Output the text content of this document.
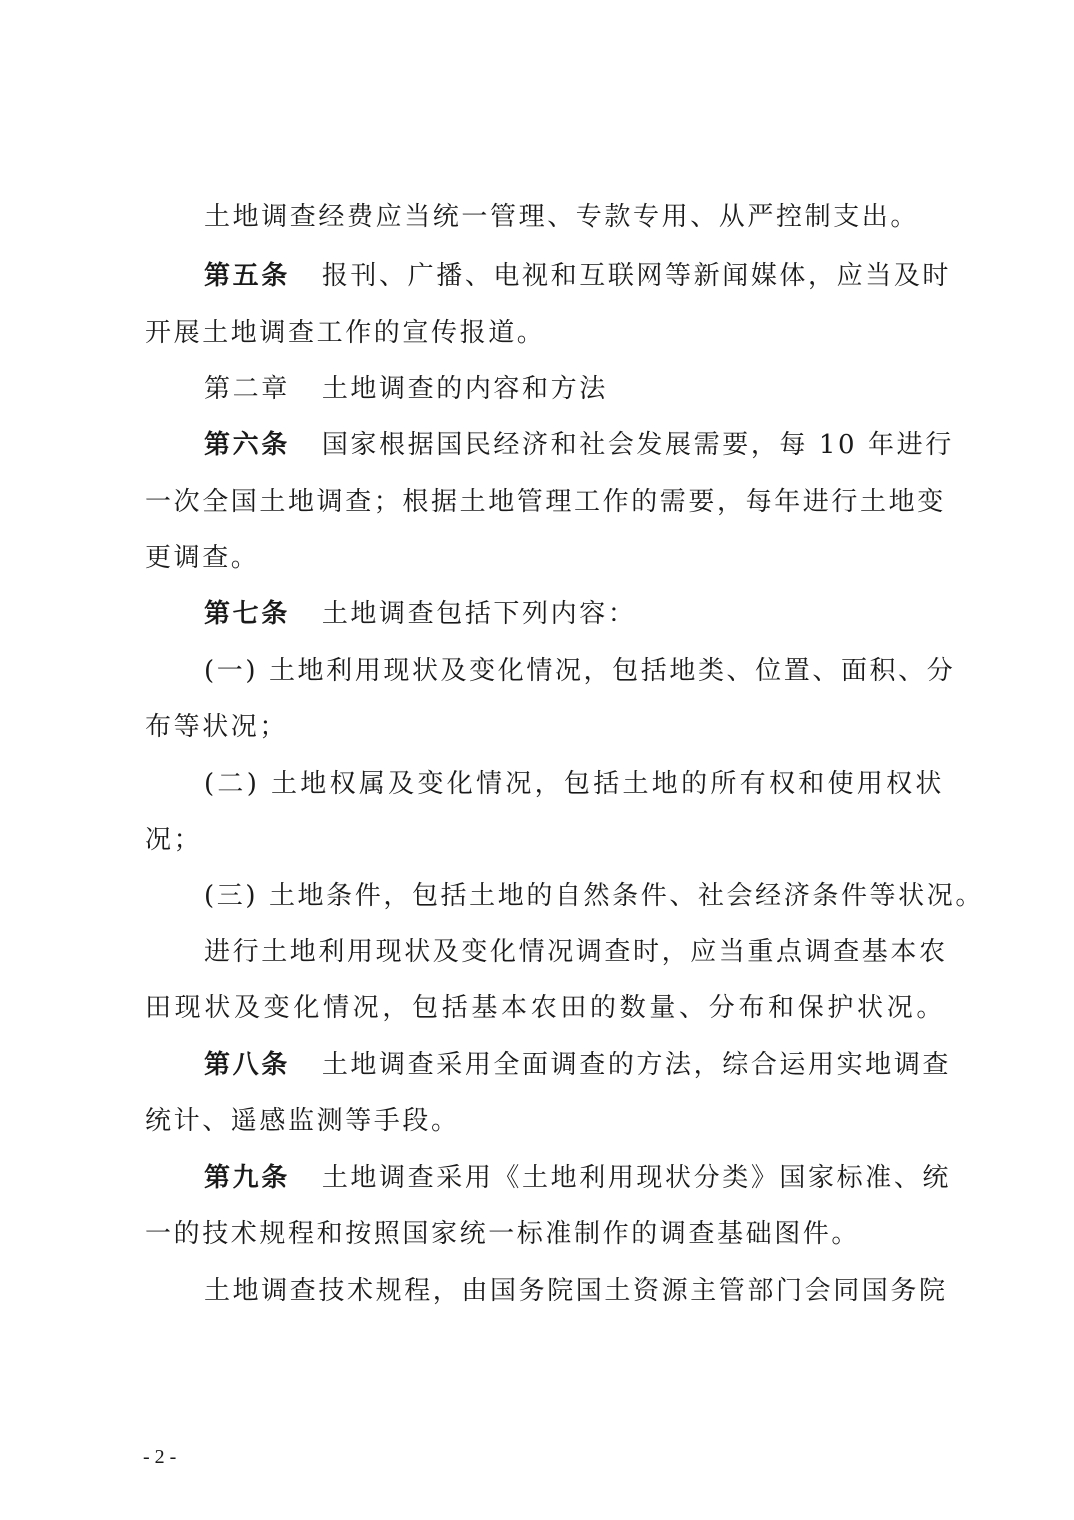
土地调查经费应当统一管理、专款专用、从严控制支出。
第五条 报刊、广播、电视和互联网等新闻媒体，应当及时
开展土地调查工作的宣传报道。
第二章 土地调查的内容和方法
第六条 国家根据国民经济和社会发展需要，每 10 年进行
一次全国土地调查；根据土地管理工作的需要，每年进行土地变
更调查。
第七条 土地调查包括下列内容：
(一) 土地利用现状及变化情况，包括地类、位置、面积、分
布等状况；
(二) 土地权属及变化情况，包括土地的所有权和使用权状
况；
(三) 土地条件，包括土地的自然条件、社会经济条件等状况。
进行土地利用现状及变化情况调查时，应当重点调查基本农
田现状及变化情况，包括基本农田的数量、分布和保护状况。
第八条 土地调查采用全面调查的方法，综合运用实地调查
统计、遥感监测等手段。
第九条 土地调查采用《土地利用现状分类》国家标准、统
一的技术规程和按照国家统一标准制作的调查基础图件。
土地调查技术规程，由国务院国土资源主管部门会同国务院
- 2 -
